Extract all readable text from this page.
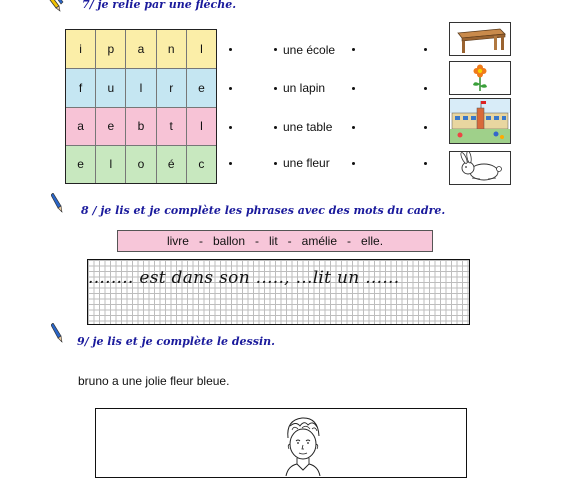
7/ je relie par une flèche.
i	p	a	n	l
f	u	l	r	e
a	e	b	t	l
e	l	o	é	c
une école
un lapin
une table
une fleur
8 / je lis et je complète les phrases avec des mots du cadre.
livre   -   ballon   -   lit   -   amélie   -   elle.
........ est dans son ....., ...lit un ......
9/ je lis et je complète le dessin.
bruno a une jolie fleur bleue.
